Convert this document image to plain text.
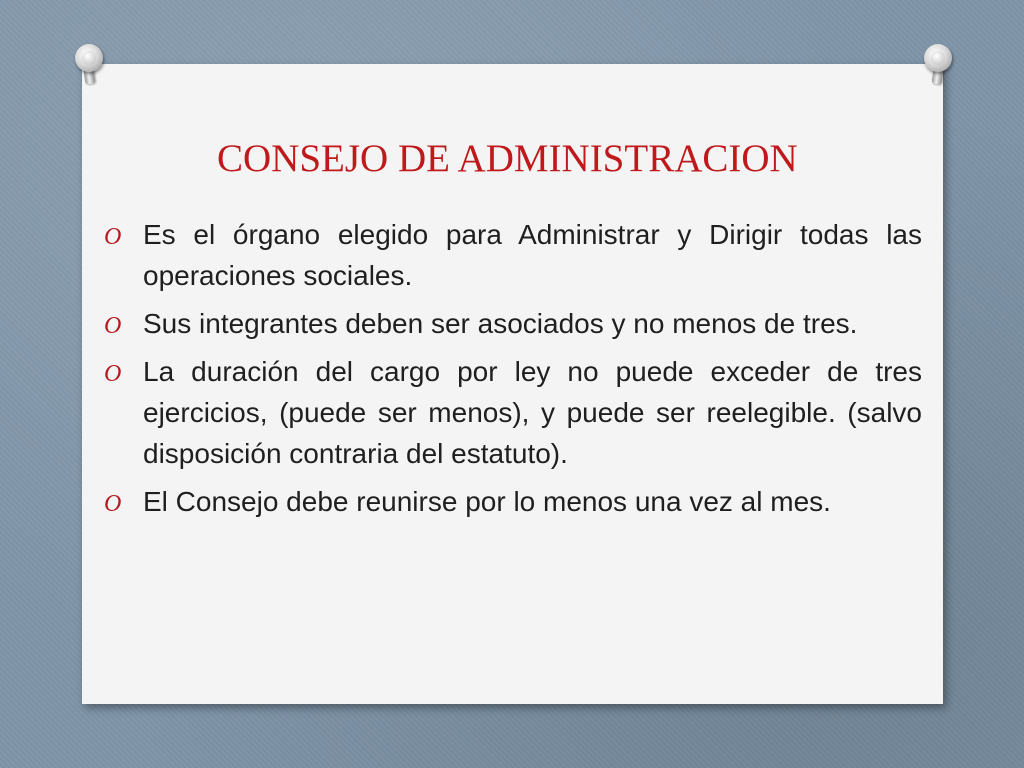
CONSEJO DE ADMINISTRACION
O Es el órgano elegido para Administrar y Dirigir todas las operaciones sociales.
O Sus integrantes deben ser asociados y no menos de tres.
O La duración del cargo por ley no puede exceder de tres ejercicios, (puede ser menos), y puede ser reelegible. (salvo disposición contraria del estatuto).
O El Consejo debe reunirse por lo menos una vez al mes.
